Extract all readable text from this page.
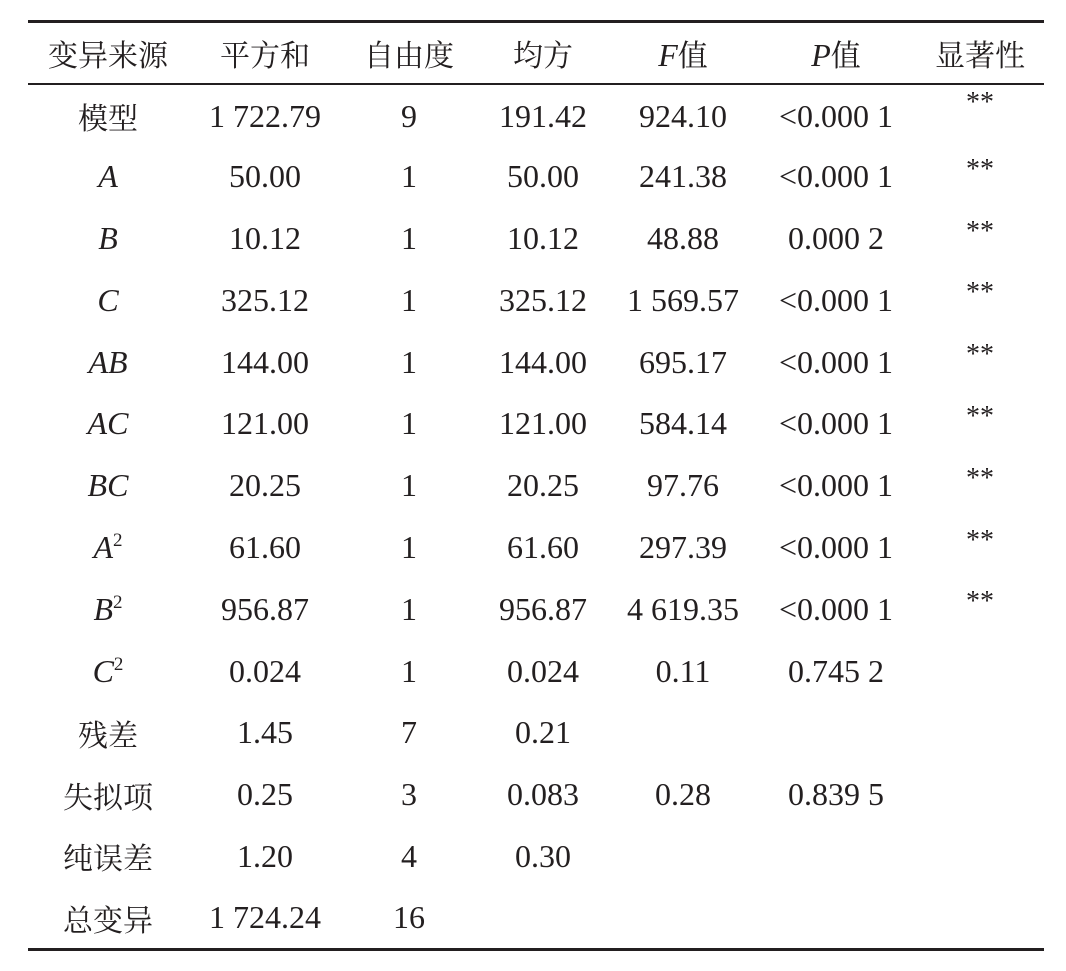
变异来源	平方和	自由度	均方	F值	P值	显著性
模型	1 722.79	9	191.42	924.10	<0.000 1	**
A	50.00	1	50.00	241.38	<0.000 1	**
B	10.12	1	10.12	48.88	0.000 2	**
C	325.12	1	325.12	1 569.57	<0.000 1	**
AB	144.00	1	144.00	695.17	<0.000 1	**
AC	121.00	1	121.00	584.14	<0.000 1	**
BC	20.25	1	20.25	97.76	<0.000 1	**
$A^2$	61.60	1	61.60	297.39	<0.000 1	**
$B^2$	956.87	1	956.87	4 619.35	<0.000 1	**
$C^2$	0.024	1	0.024	0.11	0.745 2	
残差	1.45	7	0.21			
失拟项	0.25	3	0.083	0.28	0.839 5	
纯误差	1.20	4	0.30			
总变异	1 724.24	16				
